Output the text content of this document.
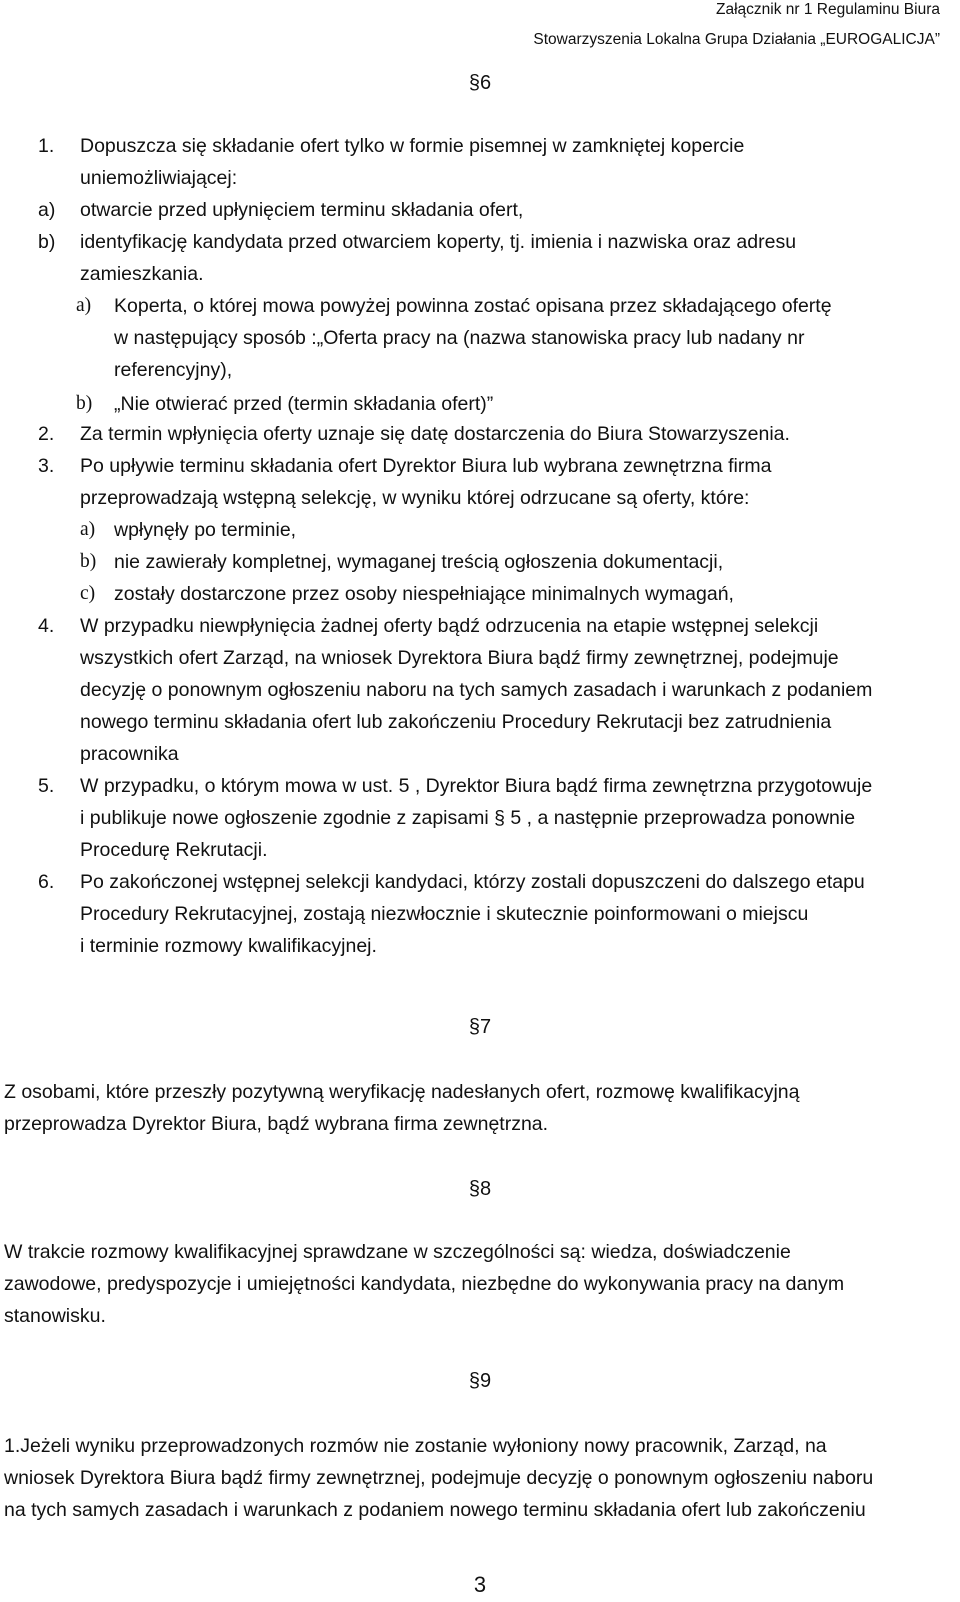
Załącznik nr 1 Regulaminu Biura
Stowarzyszenia Lokalna Grupa Działania „EUROGALICJA”
§6
1. Dopuszcza się składanie ofert tylko w formie pisemnej w zamkniętej kopercie
uniemożliwiającej:
a) otwarcie przed upłynięciem terminu składania ofert,
b) identyfikację kandydata przed otwarciem koperty, tj. imienia i nazwiska oraz adresu
zamieszkania.
a) Koperta, o której mowa powyżej powinna zostać opisana przez składającego ofertę
w następujący sposób :„Oferta pracy na (nazwa stanowiska pracy lub nadany nr
referencyjny),
b) „Nie otwierać przed (termin składania ofert)”
2. Za termin wpłynięcia oferty uznaje się datę dostarczenia do Biura Stowarzyszenia.
3. Po upływie terminu składania ofert Dyrektor Biura lub wybrana zewnętrzna firma
przeprowadzają wstępną selekcję, w wyniku której odrzucane są oferty, które:
a) wpłynęły po terminie,
b) nie zawierały kompletnej, wymaganej treścią ogłoszenia dokumentacji,
c) zostały dostarczone przez osoby niespełniające minimalnych wymagań,
4. W przypadku niewpłynięcia żadnej oferty bądź odrzucenia na etapie wstępnej selekcji
wszystkich ofert Zarząd, na wniosek Dyrektora Biura bądź firmy zewnętrznej, podejmuje
decyzję o ponownym ogłoszeniu naboru na tych samych zasadach i warunkach z podaniem
nowego terminu składania ofert lub zakończeniu Procedury Rekrutacji bez zatrudnienia
pracownika
5. W przypadku, o którym mowa w ust. 5 , Dyrektor Biura bądź firma zewnętrzna przygotowuje
i publikuje nowe ogłoszenie zgodnie z zapisami § 5 , a następnie przeprowadza ponownie
Procedurę Rekrutacji.
6. Po zakończonej wstępnej selekcji kandydaci, którzy zostali dopuszczeni do dalszego etapu
Procedury Rekrutacyjnej, zostają niezwłocznie i skutecznie poinformowani o miejscu
i terminie rozmowy kwalifikacyjnej.
§7
Z osobami, które przeszły pozytywną weryfikację nadesłanych ofert, rozmowę kwalifikacyjną
przeprowadza Dyrektor Biura, bądź wybrana firma zewnętrzna.
§8
W trakcie rozmowy kwalifikacyjnej sprawdzane w szczególności są: wiedza, doświadczenie
zawodowe, predyspozycje i umiejętności kandydata, niezbędne do wykonywania pracy na danym
stanowisku.
§9
1.Jeżeli wyniku przeprowadzonych rozmów nie zostanie wyłoniony nowy pracownik, Zarząd, na
wniosek Dyrektora Biura bądź firmy zewnętrznej, podejmuje decyzję o ponownym ogłoszeniu naboru
na tych samych zasadach i warunkach z podaniem nowego terminu składania ofert lub zakończeniu
3
